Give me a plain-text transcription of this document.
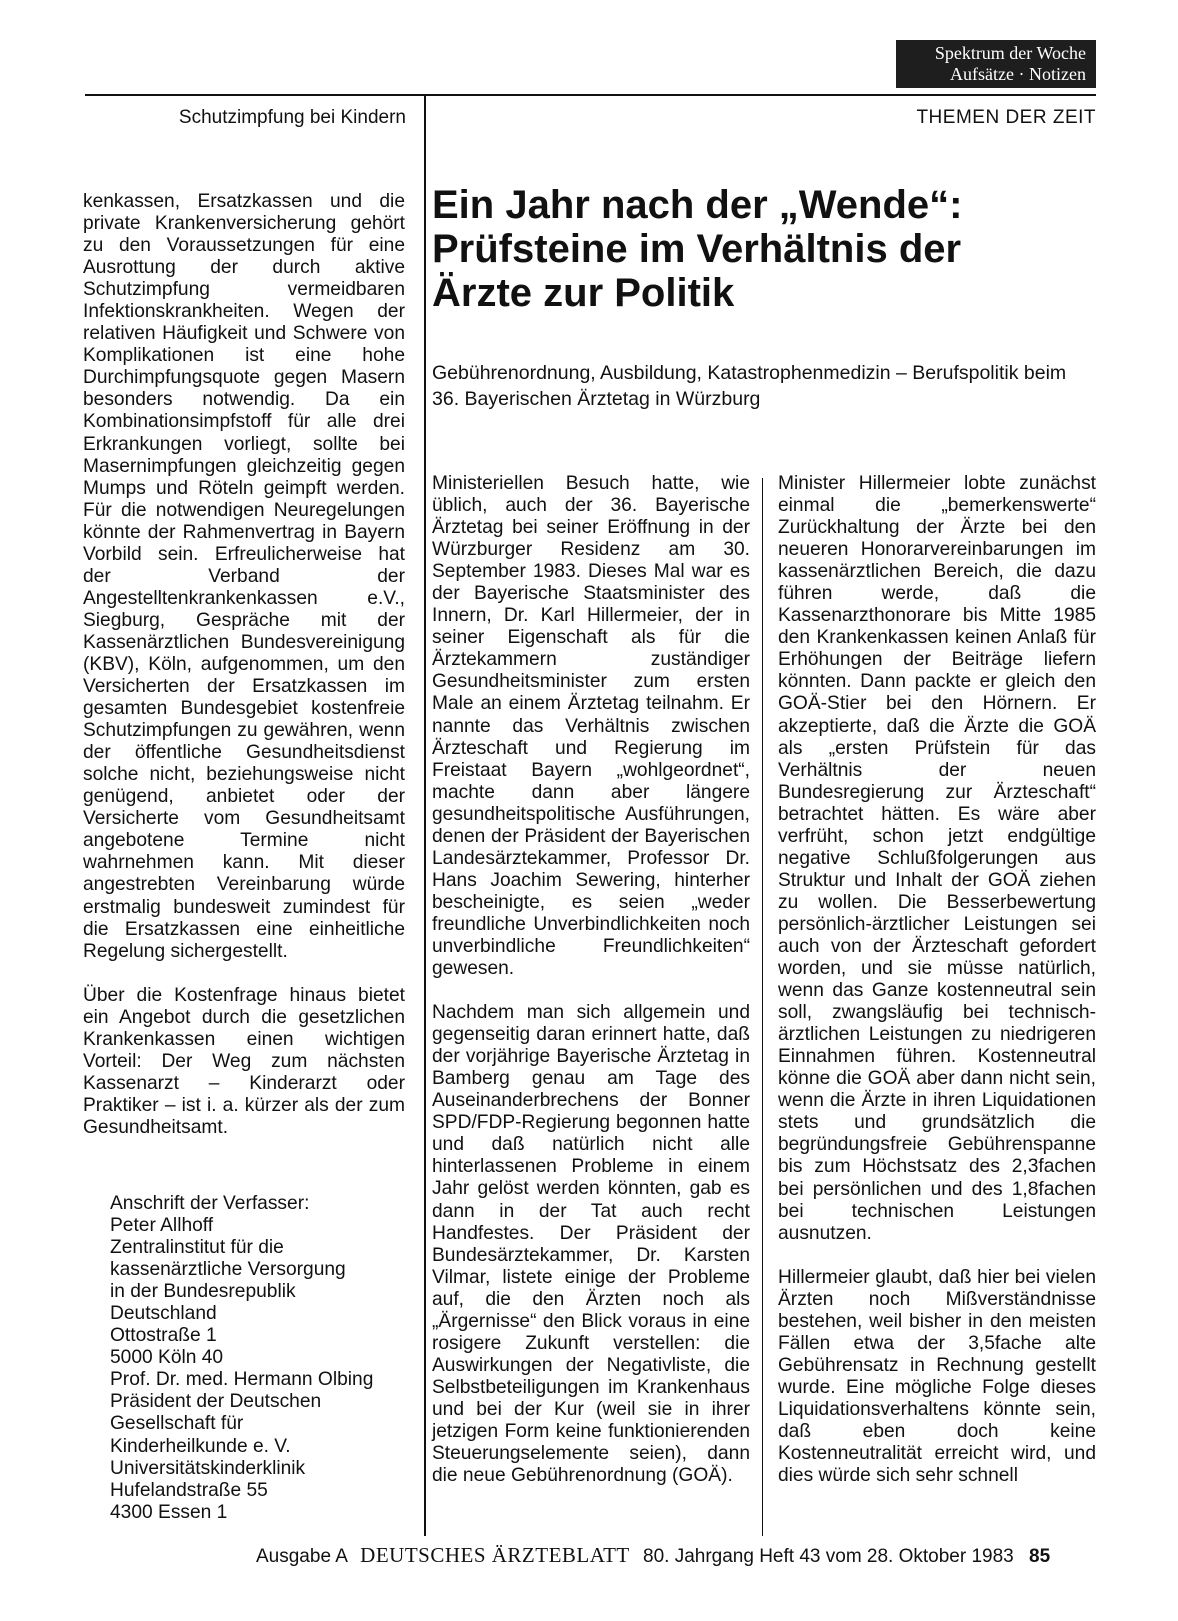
Spektrum der Woche
Aufsätze · Notizen
Schutzimpfung bei Kindern	THEMEN DER ZEIT
Ein Jahr nach der „Wende“: Prüfsteine im Verhältnis der Ärzte zur Politik

Gebührenordnung, Ausbildung, Katastrophenmedizin – Berufspolitik beim 36. Bayerischen Ärztetag in Würzburg

kenkassen, Ersatzkassen und die private Krankenversicherung gehört zu den Voraussetzungen für eine Ausrottung der durch aktive Schutzimpfung vermeidbaren Infektionskrankheiten. Wegen der relativen Häufigkeit und Schwere von Komplikationen ist eine hohe Durchimpfungsquote gegen Masern besonders notwendig. Da ein Kombinationsimpfstoff für alle drei Erkrankungen vorliegt, sollte bei Masernimpfungen gleichzeitig gegen Mumps und Röteln geimpft werden. Für die notwendigen Neuregelungen könnte der Rahmenvertrag in Bayern Vorbild sein. Erfreulicherweise hat der Verband der Angestelltenkrankenkassen e.V., Siegburg, Gespräche mit der Kassenärztlichen Bundesvereinigung (KBV), Köln, aufgenommen, um den Versicherten der Ersatzkassen im gesamten Bundesgebiet kostenfreie Schutzimpfungen zu gewähren, wenn der öffentliche Gesundheitsdienst solche nicht, beziehungsweise nicht genügend, anbietet oder der Versicherte vom Gesundheitsamt angebotene Termine nicht wahrnehmen kann. Mit dieser angestrebten Vereinbarung würde erstmalig bundesweit zumindest für die Ersatzkassen eine einheitliche Regelung sichergestellt.

Über die Kostenfrage hinaus bietet ein Angebot durch die gesetzlichen Krankenkassen einen wichtigen Vorteil: Der Weg zum nächsten Kassenarzt – Kinderarzt oder Praktiker – ist i. a. kürzer als der zum Gesundheitsamt.

Anschrift der Verfasser:
Peter Allhoff
Zentralinstitut für die
kassenärztliche Versorgung
in der Bundesrepublik
Deutschland
Ottostraße 1
5000 Köln 40
Prof. Dr. med. Hermann Olbing
Präsident der Deutschen
Gesellschaft für
Kinderheilkunde e. V.
Universitätskinderklinik
Hufelandstraße 55
4300 Essen 1

Ministeriellen Besuch hatte, wie üblich, auch der 36. Bayerische Ärztetag bei seiner Eröffnung in der Würzburger Residenz am 30. September 1983. Dieses Mal war es der Bayerische Staatsminister des Innern, Dr. Karl Hillermeier, der in seiner Eigenschaft als für die Ärztekammern zuständiger Gesundheitsminister zum ersten Male an einem Ärztetag teilnahm. Er nannte das Verhältnis zwischen Ärzteschaft und Regierung im Freistaat Bayern „wohlgeordnet“, machte dann aber längere gesundheitspolitische Ausführungen, denen der Präsident der Bayerischen Landesärztekammer, Professor Dr. Hans Joachim Sewering, hinterher bescheinigte, es seien „weder freundliche Unverbindlichkeiten noch unverbindliche Freundlichkeiten“ gewesen.

Nachdem man sich allgemein und gegenseitig daran erinnert hatte, daß der vorjährige Bayerische Ärztetag in Bamberg genau am Tage des Auseinanderbrechens der Bonner SPD/FDP-Regierung begonnen hatte und daß natürlich nicht alle hinterlassenen Probleme in einem Jahr gelöst werden könnten, gab es dann in der Tat auch recht Handfestes. Der Präsident der Bundesärztekammer, Dr. Karsten Vilmar, listete einige der Probleme auf, die den Ärzten noch als „Ärgernisse“ den Blick voraus in eine rosigere Zukunft verstellen: die Auswirkungen der Negativliste, die Selbstbeteiligungen im Krankenhaus und bei der Kur (weil sie in ihrer jetzigen Form keine funktionierenden Steuerungselemente seien), dann die neue Gebührenordnung (GOÄ).

Minister Hillermeier lobte zunächst einmal die „bemerkenswerte“ Zurückhaltung der Ärzte bei den neueren Honorarvereinbarungen im kassenärztlichen Bereich, die dazu führen werde, daß die Kassenarzthonorare bis Mitte 1985 den Krankenkassen keinen Anlaß für Erhöhungen der Beiträge liefern könnten. Dann packte er gleich den GOÄ-Stier bei den Hörnern. Er akzeptierte, daß die Ärzte die GOÄ als „ersten Prüfstein für das Verhältnis der neuen Bundesregierung zur Ärzteschaft“ betrachtet hätten. Es wäre aber verfrüht, schon jetzt endgültige negative Schlußfolgerungen aus Struktur und Inhalt der GOÄ ziehen zu wollen. Die Besserbewertung persönlich-ärztlicher Leistungen sei auch von der Ärzteschaft gefordert worden, und sie müsse natürlich, wenn das Ganze kostenneutral sein soll, zwangsläufig bei technisch-ärztlichen Leistungen zu niedrigeren Einnahmen führen. Kostenneutral könne die GOÄ aber dann nicht sein, wenn die Ärzte in ihren Liquidationen stets und grundsätzlich die begründungsfreie Gebührenspanne bis zum Höchstsatz des 2,3fachen bei persönlichen und des 1,8fachen bei technischen Leistungen ausnutzen.

Hillermeier glaubt, daß hier bei vielen Ärzten noch Mißverständnisse bestehen, weil bisher in den meisten Fällen etwa der 3,5fache alte Gebührensatz in Rechnung gestellt wurde. Eine mögliche Folge dieses Liquidationsverhaltens könnte sein, daß eben doch keine Kostenneutralität erreicht wird, und dies würde sich sehr schnell

Ausgabe A DEUTSCHES ÄRZTEBLATT 80. Jahrgang Heft 43 vom 28. Oktober 1983 85
